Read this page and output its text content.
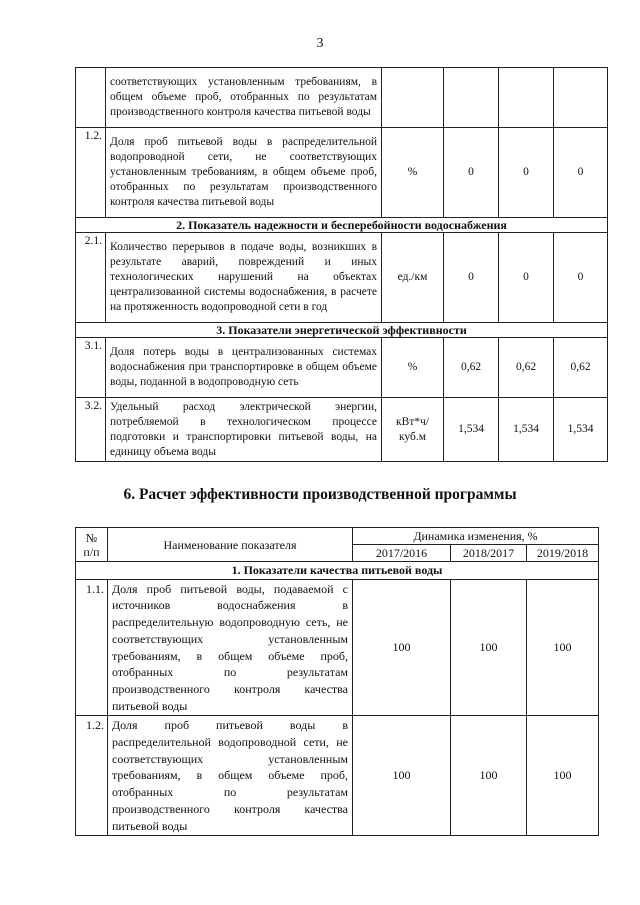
3
	соответствующих установленным требованиям, в общем объеме проб, отобранных по результатам производственного контроля качества питьевой воды				
1.2.	Доля проб питьевой воды в распределительной водопроводной сети, не соответствующих установленным требованиям, в общем объеме проб, отобранных по результатам производственного контроля качества питьевой воды	%	0	0	0
2. Показатель надежности и бесперебойности водоснабжения					
2.1.	Количество перерывов в подаче воды, возникших в результате аварий, повреждений и иных технологических нарушений на объектах централизованной системы водоснабжения, в расчете на протяженность водопроводной сети в год	ед./км	0	0	0
3. Показатели энергетической эффективности					
3.1.	Доля потерь воды в централизованных системах водоснабжения при транспортировке в общем объеме воды, поданной в водопроводную сеть	%	0,62	0,62	0,62
3.2.	Удельный расход электрической энергии, потребляемой в технологическом процессе подготовки и транспортировки питьевой воды, на единицу объема воды	кВт*ч/ куб.м	1,534	1,534	1,534
6. Расчет эффективности производственной программы
№ п/п	Наименование показателя	Динамика изменения, %		
		2017/2016	2018/2017	2019/2018
1. Показатели качества питьевой воды				
1.1.	Доля проб питьевой воды, подаваемой с источников водоснабжения в распределительную водопроводную сеть, не соответствующих установленным требованиям, в общем объеме проб, отобранных по результатам производственного контроля качества питьевой воды	100	100	100
1.2.	Доля проб питьевой воды в распределительной водопроводной сети, не соответствующих установленным требованиям, в общем объеме проб, отобранных по результатам производственного контроля качества питьевой воды	100	100	100
